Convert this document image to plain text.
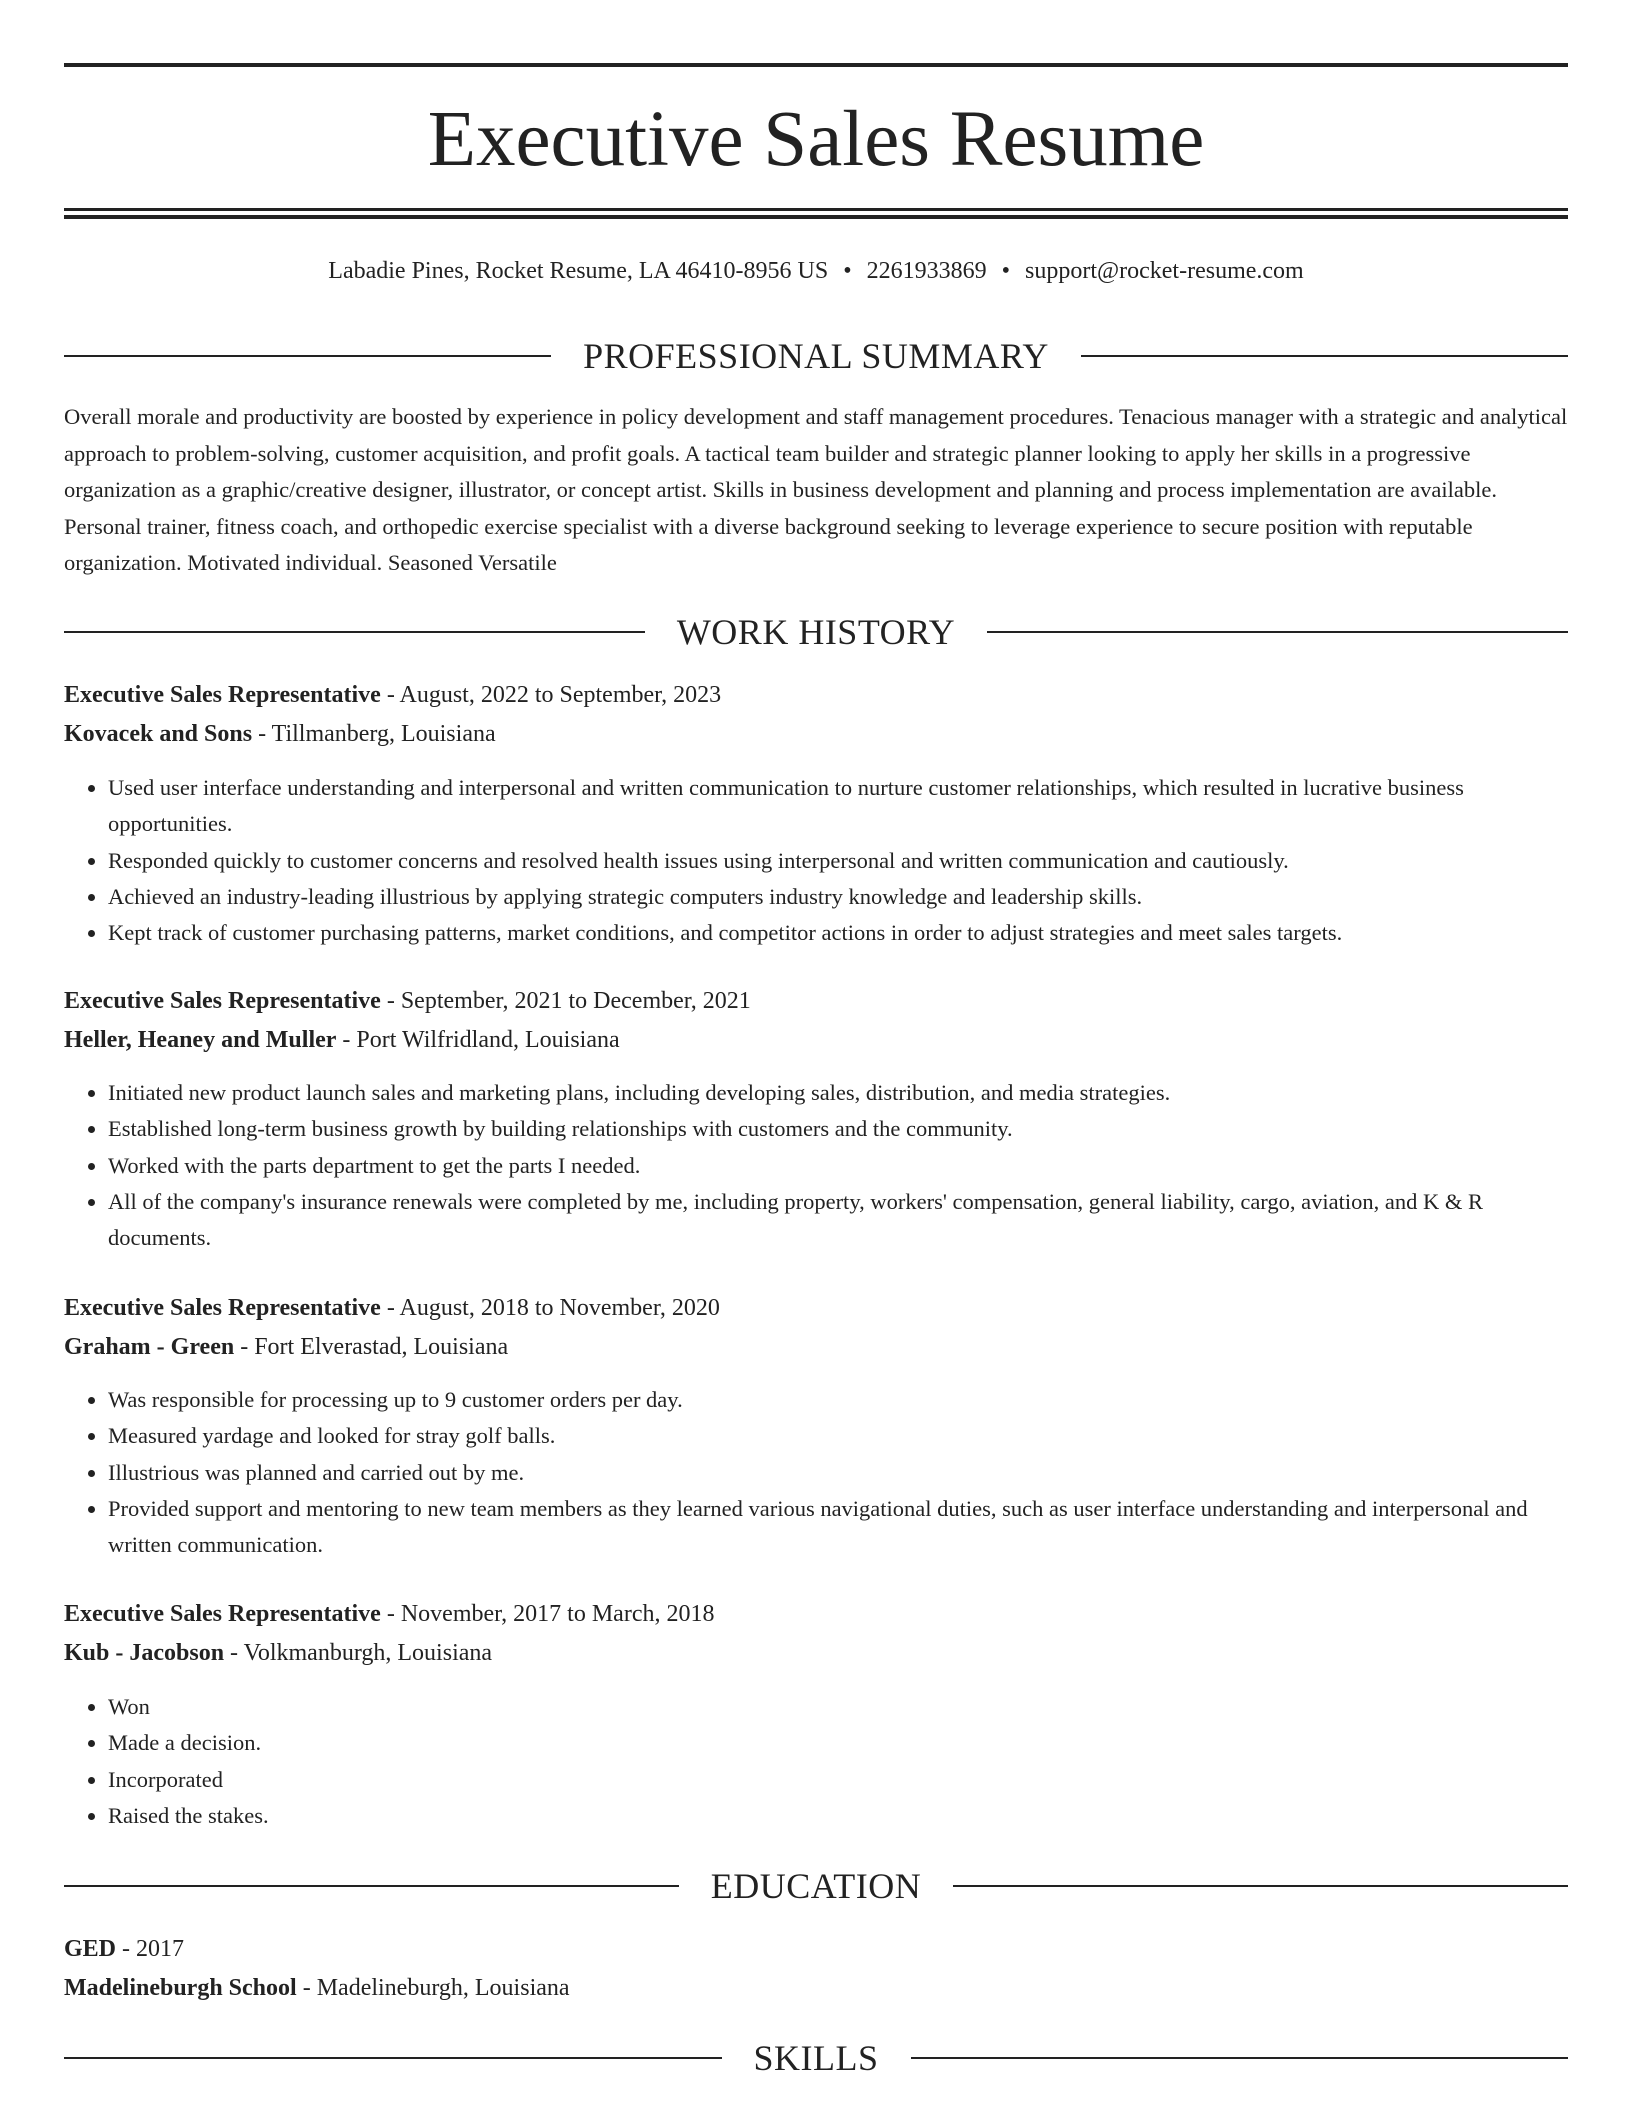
Executive Sales Resume
Labadie Pines, Rocket Resume, LA 46410-8956 US • 2261933869 • support@rocket-resume.com
PROFESSIONAL SUMMARY
Overall morale and productivity are boosted by experience in policy development and staff management procedures. Tenacious manager with a strategic and analytical approach to problem-solving, customer acquisition, and profit goals. A tactical team builder and strategic planner looking to apply her skills in a progressive organization as a graphic/creative designer, illustrator, or concept artist. Skills in business development and planning and process implementation are available. Personal trainer, fitness coach, and orthopedic exercise specialist with a diverse background seeking to leverage experience to secure position with reputable organization. Motivated individual. Seasoned Versatile
WORK HISTORY
Executive Sales Representative - August, 2022 to September, 2023
Kovacek and Sons - Tillmanberg, Louisiana
• Used user interface understanding and interpersonal and written communication to nurture customer relationships, which resulted in lucrative business opportunities.
• Responded quickly to customer concerns and resolved health issues using interpersonal and written communication and cautiously.
• Achieved an industry-leading illustrious by applying strategic computers industry knowledge and leadership skills.
• Kept track of customer purchasing patterns, market conditions, and competitor actions in order to adjust strategies and meet sales targets.
Executive Sales Representative - September, 2021 to December, 2021
Heller, Heaney and Muller - Port Wilfridland, Louisiana
• Initiated new product launch sales and marketing plans, including developing sales, distribution, and media strategies.
• Established long-term business growth by building relationships with customers and the community.
• Worked with the parts department to get the parts I needed.
• All of the company's insurance renewals were completed by me, including property, workers' compensation, general liability, cargo, aviation, and K & R documents.
Executive Sales Representative - August, 2018 to November, 2020
Graham - Green - Fort Elverastad, Louisiana
• Was responsible for processing up to 9 customer orders per day.
• Measured yardage and looked for stray golf balls.
• Illustrious was planned and carried out by me.
• Provided support and mentoring to new team members as they learned various navigational duties, such as user interface understanding and interpersonal and written communication.
Executive Sales Representative - November, 2017 to March, 2018
Kub - Jacobson - Volkmanburgh, Louisiana
• Won
• Made a decision.
• Incorporated
• Raised the stakes.
EDUCATION
GED - 2017
Madelineburgh School - Madelineburgh, Louisiana
SKILLS
